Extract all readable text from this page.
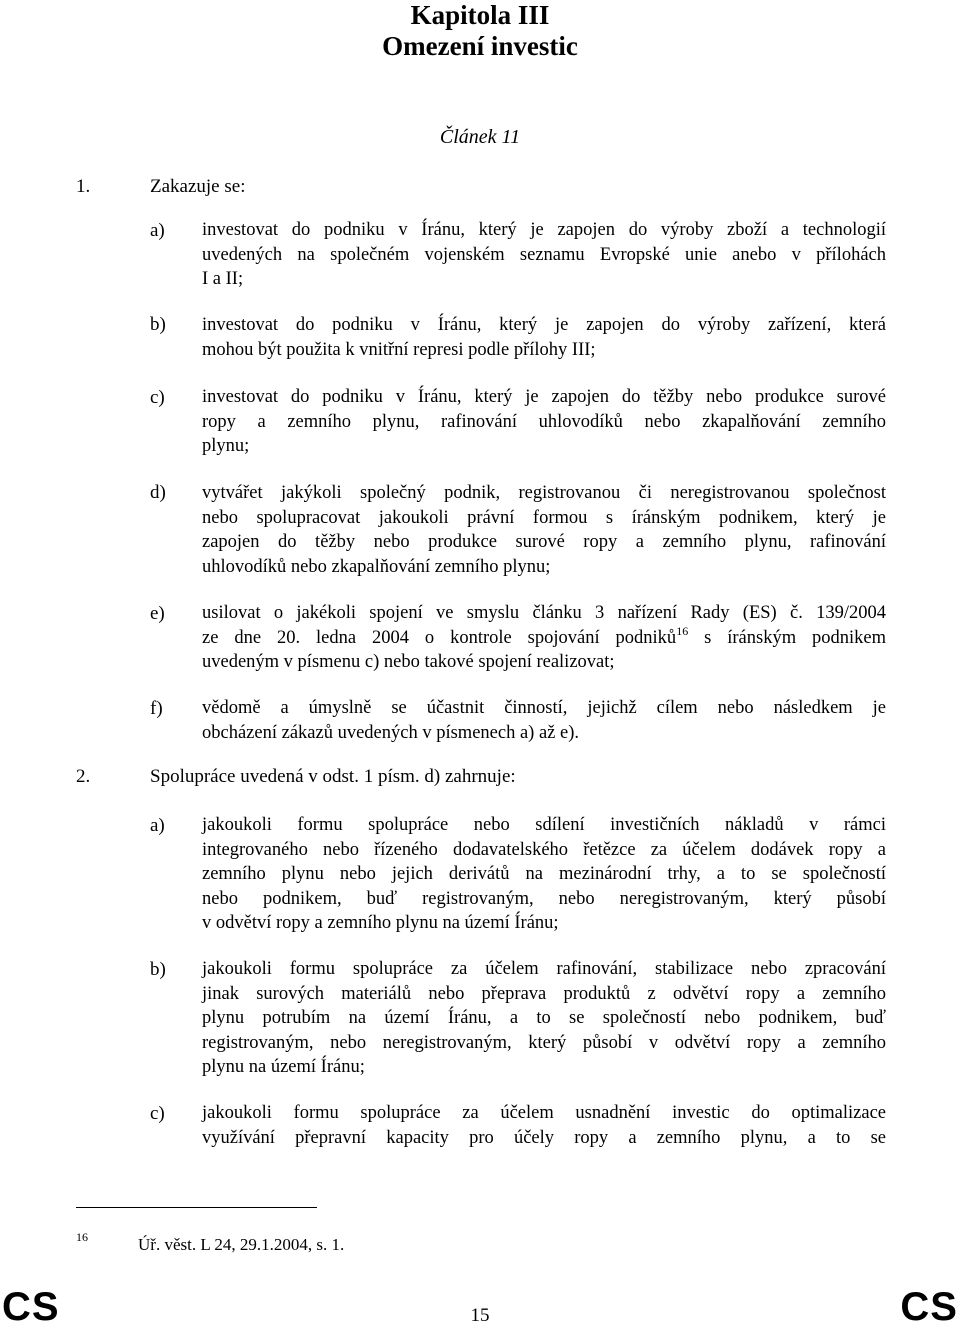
Kapitola III
Omezení investic
Článek 11
1.	Zakazuje se:
a) investovat do podniku v Íránu, který je zapojen do výroby zboží a technologií
uvedených na společném vojenském seznamu Evropské unie anebo v přílohách
I a II;
b) investovat do podniku v Íránu, který je zapojen do výroby zařízení, která
mohou být použita k vnitřní represi podle přílohy III;
c) investovat do podniku v Íránu, který je zapojen do těžby nebo produkce surové
ropy a zemního plynu, rafinování uhlovodíků nebo zkapalňování zemního
plynu;
d) vytvářet jakýkoli společný podnik, registrovanou či neregistrovanou společnost
nebo spolupracovat jakoukoli právní formou s íránským podnikem, který je
zapojen do těžby nebo produkce surové ropy a zemního plynu, rafinování
uhlovodíků nebo zkapalňování zemního plynu;
e) usilovat o jakékoli spojení ve smyslu článku 3 nařízení Rady (ES) č. 139/2004
ze dne 20. ledna 2004 o kontrole spojování podniků$^{16}$ s íránským podnikem
uvedeným v písmenu c) nebo takové spojení realizovat;
f) vědomě a úmyslně se účastnit činností, jejichž cílem nebo následkem je
obcházení zákazů uvedených v písmenech a) až e).
2.	Spolupráce uvedená v odst. 1 písm. d) zahrnuje:
a) jakoukoli formu spolupráce nebo sdílení investičních nákladů v rámci
integrovaného nebo řízeného dodavatelského řetězce za účelem dodávek ropy a
zemního plynu nebo jejich derivátů na mezinárodní trhy, a to se společností
nebo podnikem, buď registrovaným, nebo neregistrovaným, který působí
v odvětví ropy a zemního plynu na území Íránu;
b) jakoukoli formu spolupráce za účelem rafinování, stabilizace nebo zpracování
jinak surových materiálů nebo přeprava produktů z odvětví ropy a zemního
plynu potrubím na území Íránu, a to se společností nebo podnikem, buď
registrovaným, nebo neregistrovaným, který působí v odvětví ropy a zemního
plynu na území Íránu;
c) jakoukoli formu spolupráce za účelem usnadnění investic do optimalizace
využívání přepravní kapacity pro účely ropy a zemního plynu, a to se
16	Úř. věst. L 24, 29.1.2004, s. 1.
CS	15	CS
